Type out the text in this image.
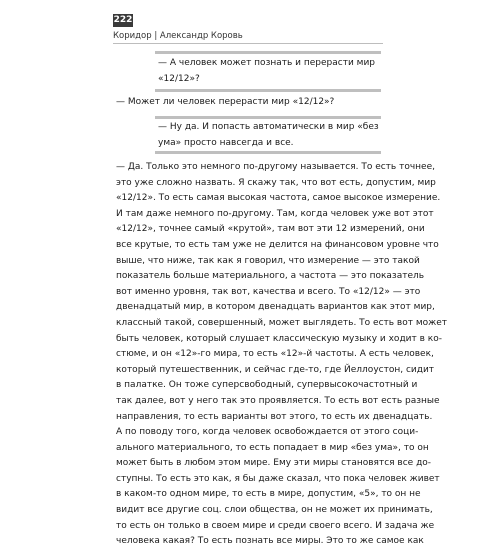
222
Коридор | Александр Коровь

— А человек может познать и перерасти мир
«12/12»?

— Может ли человек перерасти мир «12/12»?

— Ну да. И попасть автоматически в мир «без
ума» просто навсегда и все.

— Да. Только это немного по-другому называется. То есть точнее,
это уже сложно назвать. Я скажу так, что вот есть, допустим, мир
«12/12». То есть самая высокая частота, самое высокое измерение.
И там даже немного по-другому. Там, когда человек уже вот этот
«12/12», точнее самый «крутой», там вот эти 12 измерений, они
все крутые, то есть там уже не делится на финансовом уровне что
выше, что ниже, так как я говорил, что измерение — это такой
показатель больше материального, а частота — это показатель
вот именно уровня, так вот, качества и всего. То «12/12» — это
двенадцатый мир, в котором двенадцать вариантов как этот мир,
классный такой, совершенный, может выглядеть. То есть вот может
быть человек, который слушает классическую музыку и ходит в ко-
стюме, и он «12»-го мира, то есть «12»-й частоты. А есть человек,
который путешественник, и сейчас где-то, где Йеллоустон, сидит
в палатке. Он тоже суперсвободный, супервысокочастотный и
так далее, вот у него так это проявляется. То есть вот есть разные
направления, то есть варианты вот этого, то есть их двенадцать.
А по поводу того, когда человек освобождается от этого соци-
ального материального, то есть попадает в мир «без ума», то он
может быть в любом этом мире. Ему эти миры становятся все до-
ступны. То есть это как, я бы даже сказал, что пока человек живет
в каком-то одном мире, то есть в мире, допустим, «5», то он не
видит все другие соц. слои общества, он не может их принимать,
то есть он только в своем мире и среди своего всего. И задача же
человека какая? То есть познать все миры. Это то же самое как
